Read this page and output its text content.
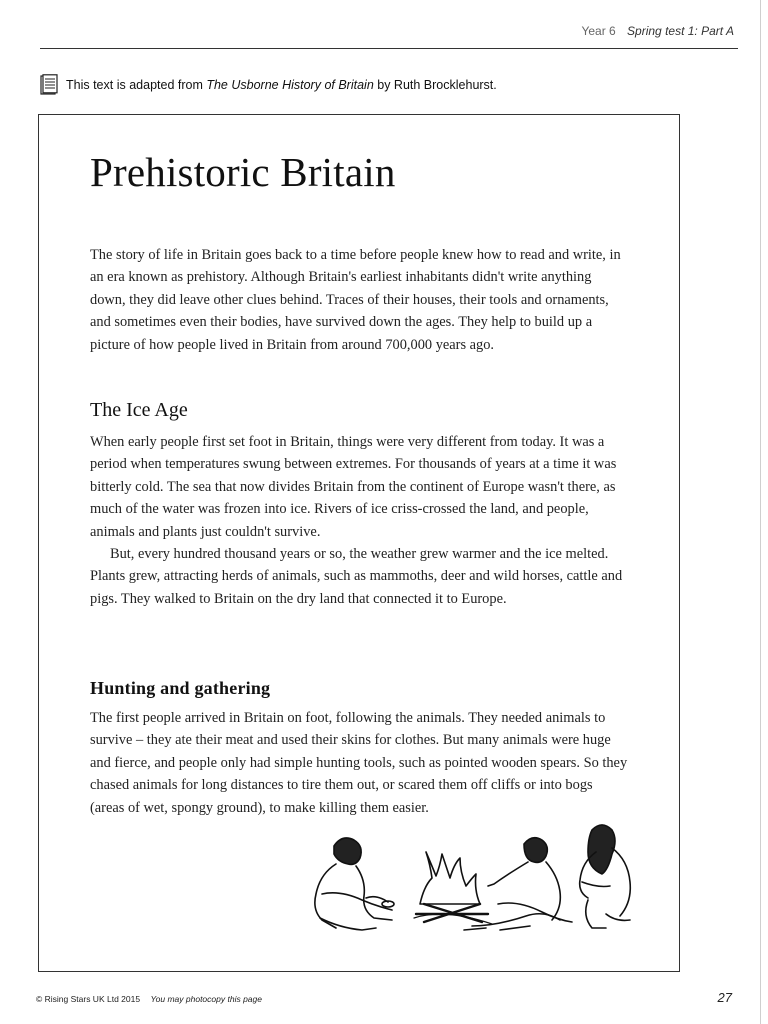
Year 6 Spring test 1: Part A
This text is adapted from The Usborne History of Britain by Ruth Brocklehurst.
Prehistoric Britain

The story of life in Britain goes back to a time before people knew how to read and write, in an era known as prehistory. Although Britain's earliest inhabitants didn't write anything down, they did leave other clues behind. Traces of their houses, their tools and ornaments, and sometimes even their bodies, have survived down the ages. They help to build up a picture of how people lived in Britain from around 700,000 years ago.

The Ice Age

When early people first set foot in Britain, things were very different from today. It was a period when temperatures swung between extremes. For thousands of years at a time it was bitterly cold. The sea that now divides Britain from the continent of Europe wasn't there, as much of the water was frozen into ice. Rivers of ice criss-crossed the land, and people, animals and plants just couldn't survive.

But, every hundred thousand years or so, the weather grew warmer and the ice melted. Plants grew, attracting herds of animals, such as mammoths, deer and wild horses, cattle and pigs. They walked to Britain on the dry land that connected it to Europe.

Hunting and gathering

The first people arrived in Britain on foot, following the animals. They needed animals to survive – they ate their meat and used their skins for clothes. But many animals were huge and fierce, and people only had simple hunting tools, such as pointed wooden spears. So they chased animals for long distances to tire them out, or scared them off cliffs or into bogs (areas of wet, spongy ground), to make killing them easier.

© Rising Stars UK Ltd 2015 You may photocopy this page	27
